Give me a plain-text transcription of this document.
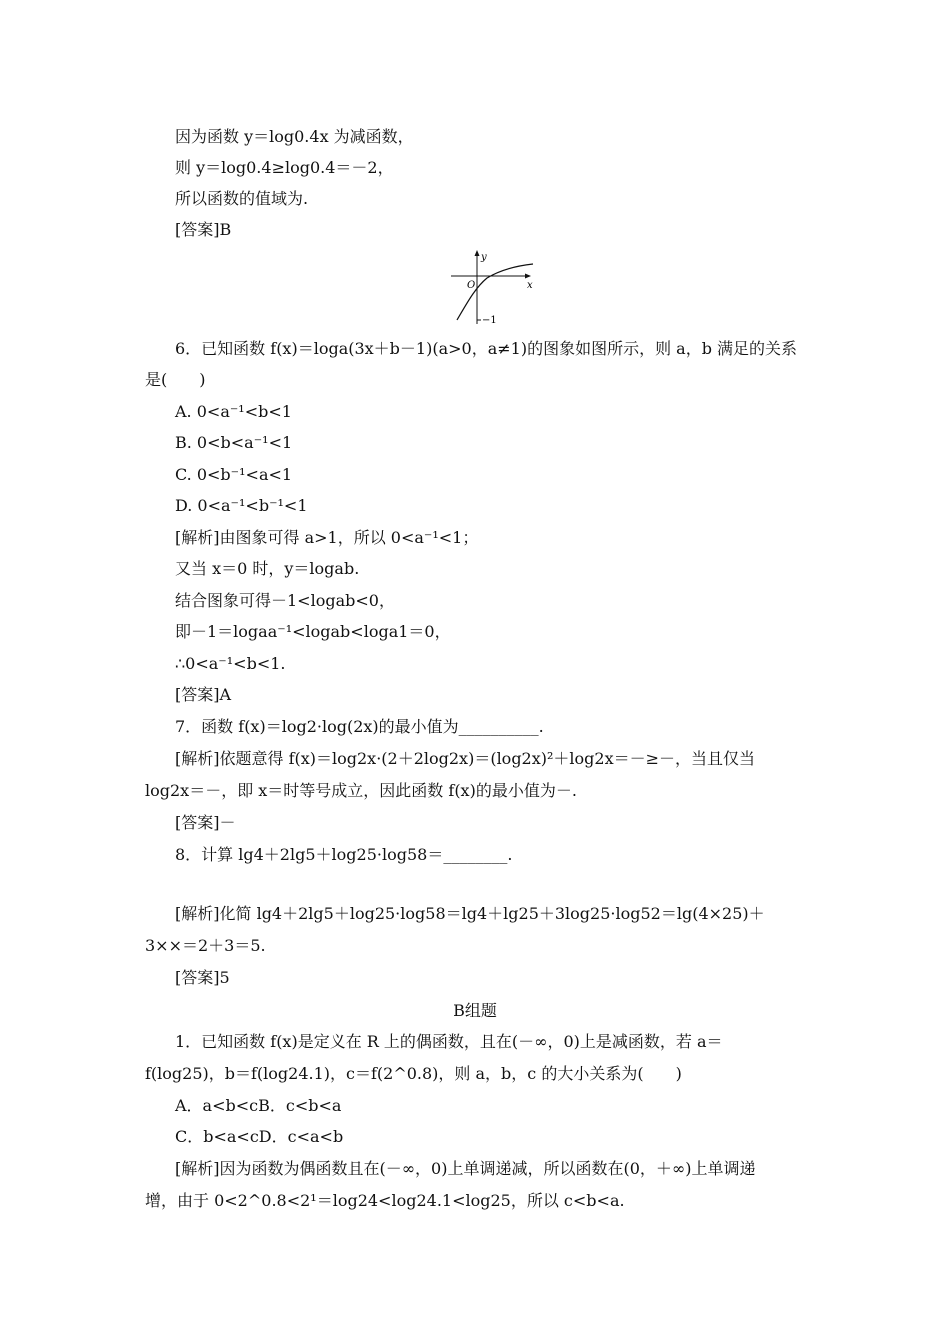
因为函数 y＝log0.4x 为减函数，
则 y＝log0.4≥log0.4＝－2，
所以函数的值域为.
[答案]B
y
x
O
−1
6．已知函数 f(x)＝loga(3x＋b－1)(a>0，a≠1)的图象如图所示，则 a，b 满足的关系
是(　　)
A. 0<a⁻¹<b<1
B. 0<b<a⁻¹<1
C. 0<b⁻¹<a<1
D. 0<a⁻¹<b⁻¹<1
[解析]由图象可得 a>1，所以 0<a⁻¹<1；
又当 x＝0 时，y＝logab.
结合图象可得－1<logab<0，
即－1＝logaa⁻¹<logab<loga1＝0，
∴0<a⁻¹<b<1.
[答案]A
7．函数 f(x)＝log2·log(2x)的最小值为__________.
[解析]依题意得 f(x)＝log2x·(2＋2log2x)＝(log2x)²＋log2x＝－≥－，当且仅当
log2x＝－，即 x＝时等号成立，因此函数 f(x)的最小值为－.
[答案]－
8．计算 lg4＋2lg5＋log25·log58＝________.
[解析]化简 lg4＋2lg5＋log25·log58＝lg4＋lg25＋3log25·log52＝lg(4×25)＋
3××＝2＋3＝5.
[答案]5
B组题
1．已知函数 f(x)是定义在 R 上的偶函数，且在(－∞，0)上是减函数，若 a＝
f(log25)，b＝f(log24.1)，c＝f(2^0.8)，则 a，b，c 的大小关系为(　　)
A．a<b<cB．c<b<a
C．b<a<cD．c<a<b
[解析]因为函数为偶函数且在(－∞，0)上单调递减，所以函数在(0，＋∞)上单调递
增，由于 0<2^0.8<2¹＝log24<log24.1<log25，所以 c<b<a.
